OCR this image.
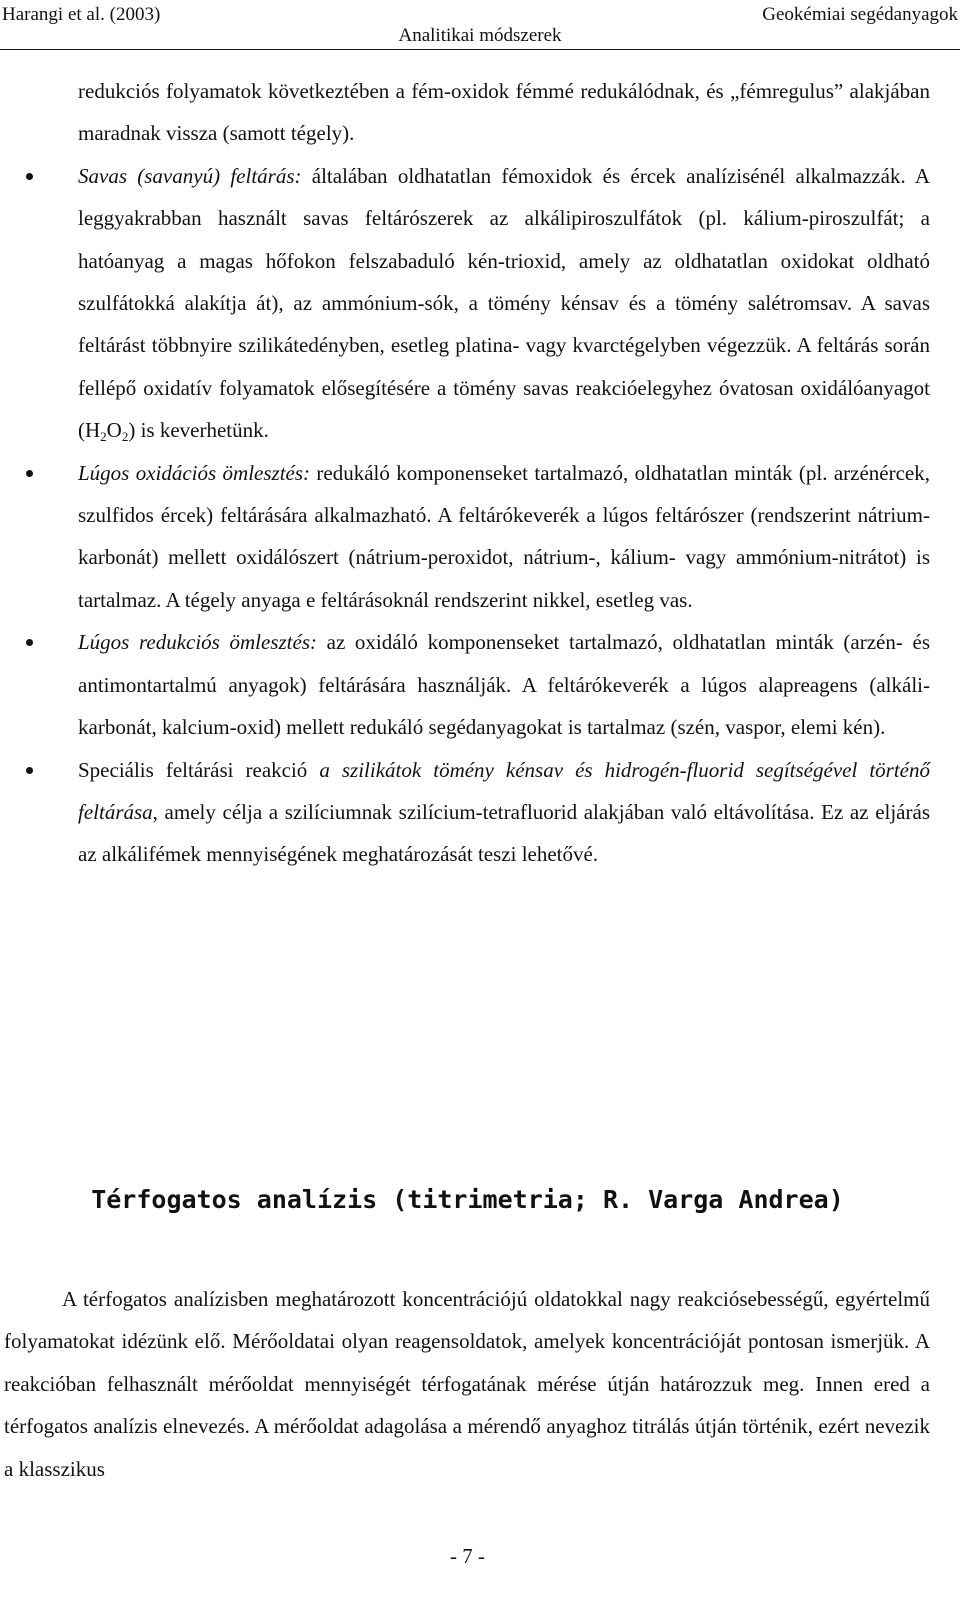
Harangi et al. (2003)	Geokémiai segédanyagok
Analitikai módszerek
redukciós folyamatok következtében a fém-oxidok fémmé redukálódnak, és „fémregulusˮ alakjában maradnak vissza (samott tégely).
Savas (savanyú) feltárás: általában oldhatatlan fémoxidok és ércek analízisénél alkalmazzák. A leggyakrabban használt savas feltárószerek az alkálipiroszulfátok (pl. kálium-piroszulfát; a hatóanyag a magas hőfokon felszabaduló kén-trioxid, amely az oldhatatlan oxidokat oldható szulfátokká alakítja át), az ammónium-sók, a tömény kénsav és a tömény salétromsav. A savas feltárást többnyire szilikátedényben, esetleg platina- vagy kvarctégelyben végezzük. A feltárás során fellépő oxidatív folyamatok elősegítésére a tömény savas reakcióelegyhez óvatosan oxidálóanyagot $(H_2O_2)$ is keverhetünk.
Lúgos oxidációs ömlesztés: redukáló komponenseket tartalmazó, oldhatatlan minták (pl. arzénércek, szulfidos ércek) feltárására alkalmazható. A feltárókeverék a lúgos feltárószer (rendszerint nátrium-karbonát) mellett oxidálószert (nátrium-peroxidot, nátrium-, kálium- vagy ammónium-nitrátot) is tartalmaz. A tégely anyaga e feltárásoknál rendszerint nikkel, esetleg vas.
Lúgos redukciós ömlesztés: az oxidáló komponenseket tartalmazó, oldhatatlan minták (arzén- és antimontartalmú anyagok) feltárására használják. A feltárókeverék a lúgos alapreagens (alkáli-karbonát, kalcium-oxid) mellett redukáló segédanyagokat is tartalmaz (szén, vaspor, elemi kén).
Speciális feltárási reakció a szilikátok tömény kénsav és hidrogén-fluorid segítségével történő feltárása, amely célja a szilíciumnak szilícium-tetrafluorid alakjában való eltávolítása. Ez az eljárás az alkálifémek mennyiségének meghatározását teszi lehetővé.
Térfogatos analízis (titrimetria; R. Varga Andrea)
A térfogatos analízisben meghatározott koncentrációjú oldatokkal nagy reakciósebességű, egyértelmű folyamatokat idézünk elő. Mérőoldatai olyan reagensoldatok, amelyek koncentrációját pontosan ismerjük. A reakcióban felhasznált mérőoldat mennyiségét térfogatának mérése útján határozzuk meg. Innen ered a térfogatos analízis elnevezés. A mérőoldat adagolása a mérendő anyaghoz titrálás útján történik, ezért nevezik a klasszikus
- 7 -
